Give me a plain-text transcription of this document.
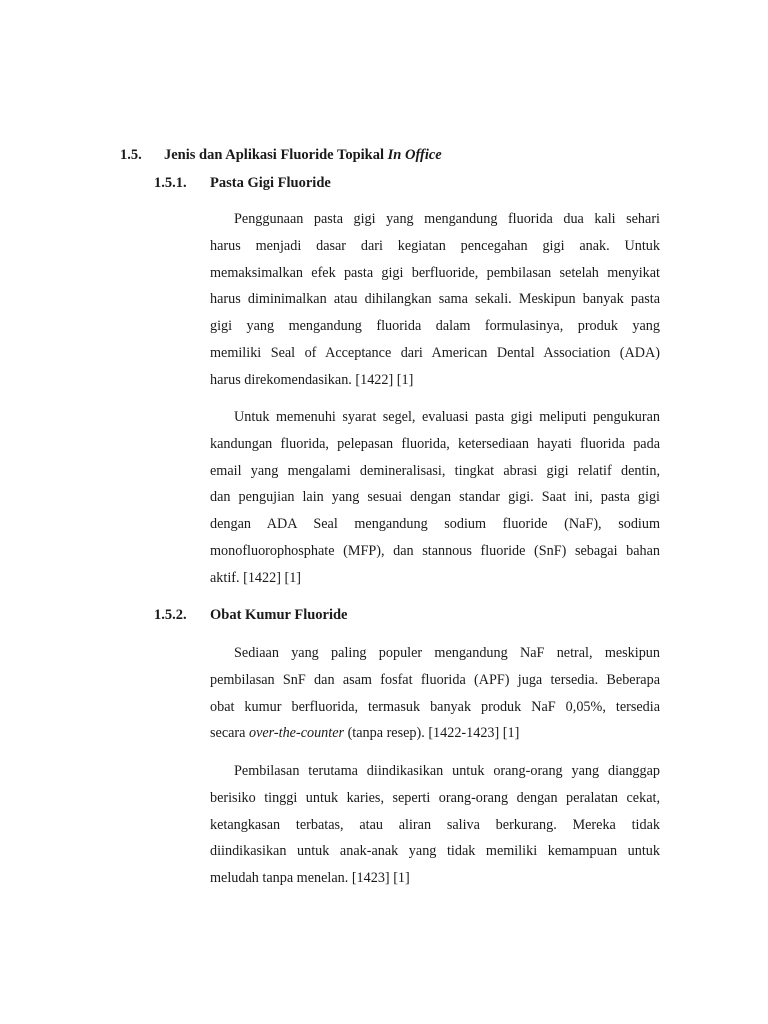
1.5. Jenis dan Aplikasi Fluoride Topikal In Office
1.5.1. Pasta Gigi Fluoride
Penggunaan pasta gigi yang mengandung fluorida dua kali sehari
harus menjadi dasar dari kegiatan pencegahan gigi anak. Untuk
memaksimalkan efek pasta gigi berfluoride, pembilasan setelah menyikat
harus diminimalkan atau dihilangkan sama sekali. Meskipun banyak pasta
gigi yang mengandung fluorida dalam formulasinya, produk yang
memiliki Seal of Acceptance dari American Dental Association (ADA)
harus direkomendasikan. [1422] [1]
Untuk memenuhi syarat segel, evaluasi pasta gigi meliputi pengukuran
kandungan fluorida, pelepasan fluorida, ketersediaan hayati fluorida pada
email yang mengalami demineralisasi, tingkat abrasi gigi relatif dentin,
dan pengujian lain yang sesuai dengan standar gigi. Saat ini, pasta gigi
dengan ADA Seal mengandung sodium fluoride (NaF), sodium
monofluorophosphate (MFP), dan stannous fluoride (SnF) sebagai bahan
aktif. [1422] [1]
1.5.2. Obat Kumur Fluoride
Sediaan yang paling populer mengandung NaF netral, meskipun
pembilasan SnF dan asam fosfat fluorida (APF) juga tersedia. Beberapa
obat kumur berfluorida, termasuk banyak produk NaF 0,05%, tersedia
secara over-the-counter (tanpa resep). [1422-1423] [1]
Pembilasan terutama diindikasikan untuk orang-orang yang dianggap
berisiko tinggi untuk karies, seperti orang-orang dengan peralatan cekat,
ketangkasan terbatas, atau aliran saliva berkurang. Mereka tidak
diindikasikan untuk anak-anak yang tidak memiliki kemampuan untuk
meludah tanpa menelan. [1423] [1]
